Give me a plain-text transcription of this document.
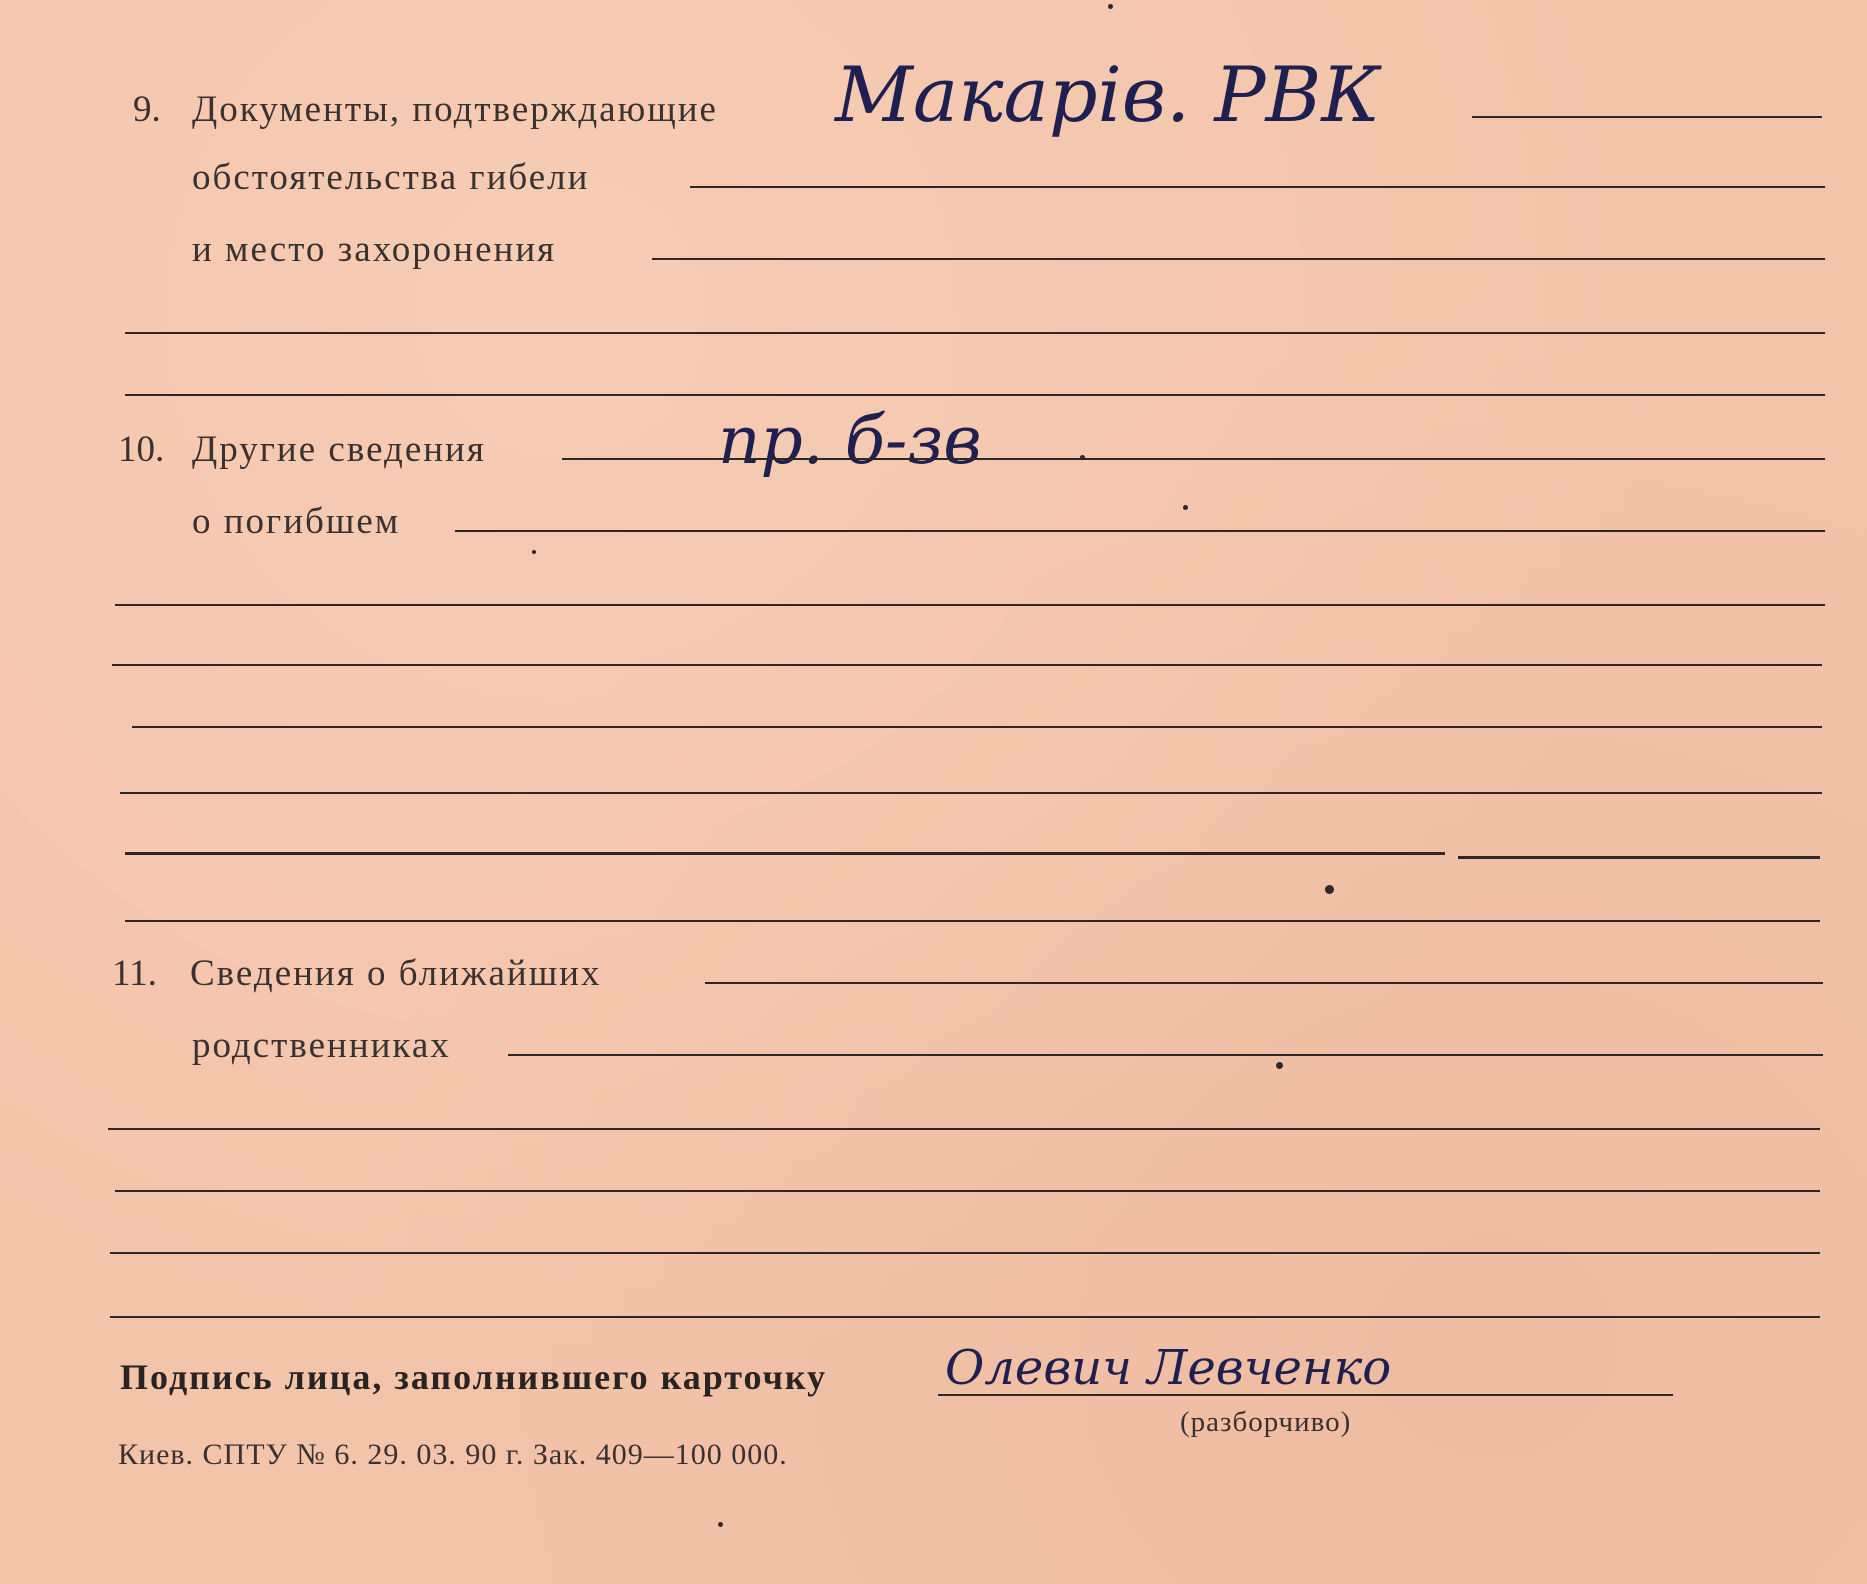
9. Документы, подтверждающие Макарів. РВК
обстоятельства гибели
и место захоронения
10. Другие сведения	пр. б-зв
о погибшем
11. Сведения о ближайших
родственниках
Подпись лица, заполнившего карточку Олевич Левченко
(разборчиво)
Киев. СПТУ № 6. 29. 03. 90 г. Зак. 409—100 000.
